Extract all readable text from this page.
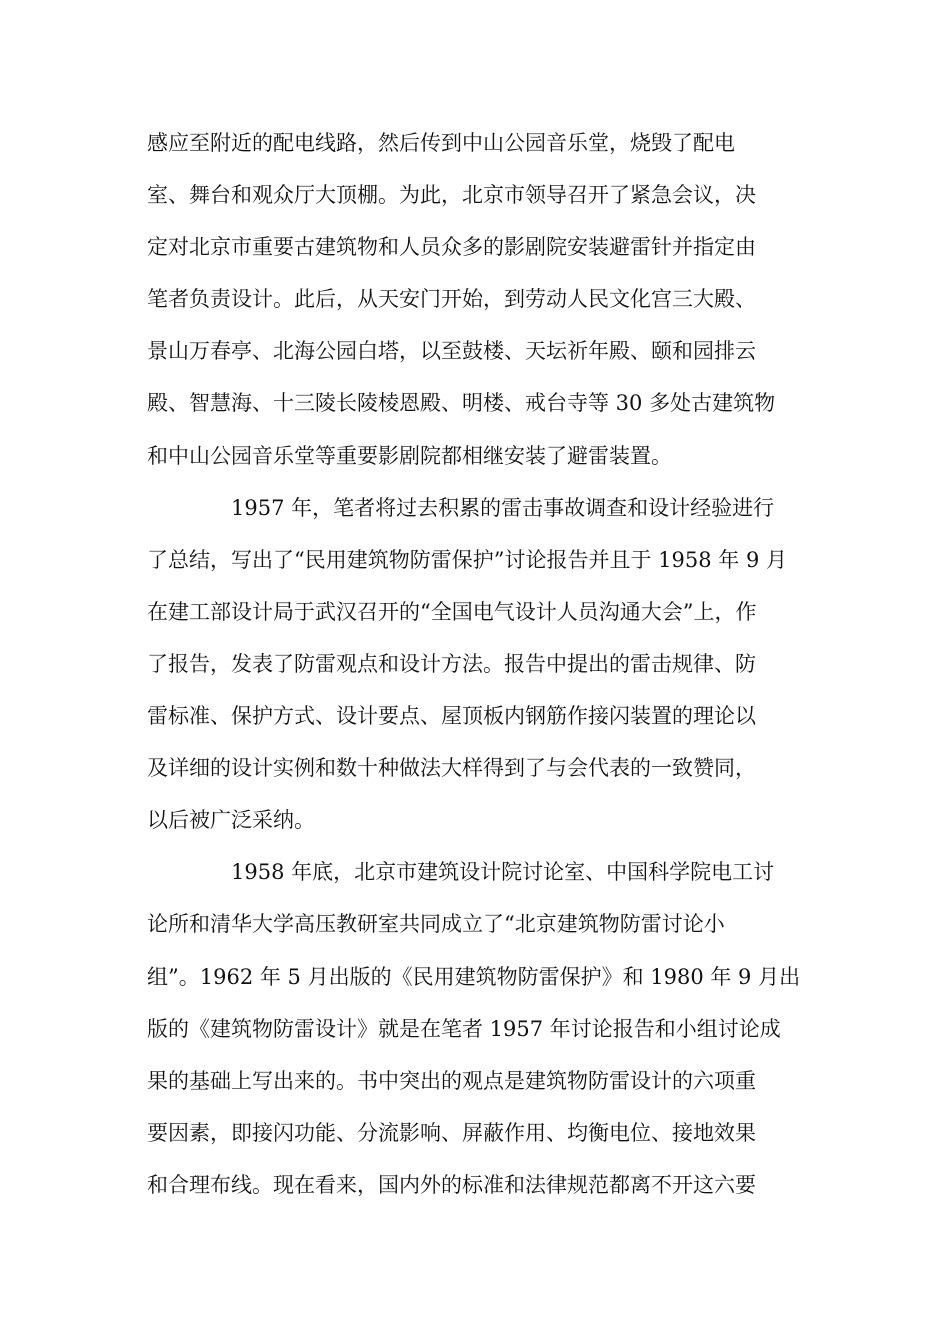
感应至附近的配电线路，然后传到中山公园音乐堂，烧毁了配电
室、舞台和观众厅大顶棚。为此，北京市领导召开了紧急会议，决
定对北京市重要古建筑物和人员众多的影剧院安装避雷针并指定由
笔者负责设计。此后，从天安门开始，到劳动人民文化宫三大殿、
景山万春亭、北海公园白塔，以至鼓楼、天坛祈年殿、颐和园排云
殿、智慧海、十三陵长陵棱恩殿、明楼、戒台寺等 30 多处古建筑物
和中山公园音乐堂等重要影剧院都相继安装了避雷装置。
1957 年，笔者将过去积累的雷击事故调查和设计经验进行
了总结，写出了“民用建筑物防雷保护”讨论报告并且于 1958 年 9 月
在建工部设计局于武汉召开的“全国电气设计人员沟通大会”上，作
了报告，发表了防雷观点和设计方法。报告中提出的雷击规律、防
雷标准、保护方式、设计要点、屋顶板内钢筋作接闪装置的理论以
及详细的设计实例和数十种做法大样得到了与会代表的一致赞同，
以后被广泛采纳。
1958 年底，北京市建筑设计院讨论室、中国科学院电工讨
论所和清华大学高压教研室共同成立了“北京建筑物防雷讨论小
组”。1962 年 5 月出版的《民用建筑物防雷保护》和 1980 年 9 月出
版的《建筑物防雷设计》就是在笔者 1957 年讨论报告和小组讨论成
果的基础上写出来的。书中突出的观点是建筑物防雷设计的六项重
要因素，即接闪功能、分流影响、屏蔽作用、均衡电位、接地效果
和合理布线。现在看来，国内外的标准和法律规范都离不开这六要
